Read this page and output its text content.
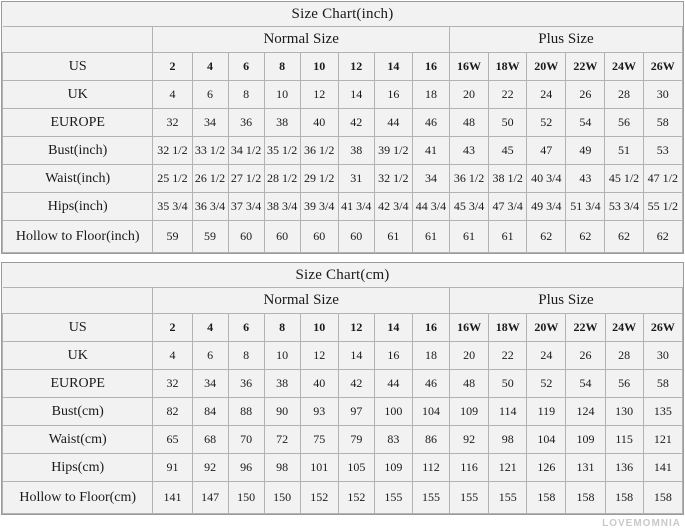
Size Chart(inch)														
	Normal Size								Plus Size					
US	2	4	6	8	10	12	14	16	16W	18W	20W	22W	24W	26W
UK	4	6	8	10	12	14	16	18	20	22	24	26	28	30
EUROPE	32	34	36	38	40	42	44	46	48	50	52	54	56	58
Bust(inch)	32 1/2	33 1/2	34 1/2	35 1/2	36 1/2	38	39 1/2	41	43	45	47	49	51	53
Waist(inch)	25 1/2	26 1/2	27 1/2	28 1/2	29 1/2	31	32 1/2	34	36 1/2	38 1/2	40 3/4	43	45 1/2	47 1/2
Hips(inch)	35 3/4	36 3/4	37 3/4	38 3/4	39 3/4	41 3/4	42 3/4	44 3/4	45 3/4	47 3/4	49 3/4	51 3/4	53 3/4	55 1/2
Hollow to Floor(inch)	59	59	60	60	60	60	61	61	61	61	62	62	62	62
Size Chart(cm)														
	Normal Size								Plus Size					
US	2	4	6	8	10	12	14	16	16W	18W	20W	22W	24W	26W
UK	4	6	8	10	12	14	16	18	20	22	24	26	28	30
EUROPE	32	34	36	38	40	42	44	46	48	50	52	54	56	58
Bust(cm)	82	84	88	90	93	97	100	104	109	114	119	124	130	135
Waist(cm)	65	68	70	72	75	79	83	86	92	98	104	109	115	121
Hips(cm)	91	92	96	98	101	105	109	112	116	121	126	131	136	141
Hollow to Floor(cm)	141	147	150	150	152	152	155	155	155	155	158	158	158	158
LOVEMOMNIA
